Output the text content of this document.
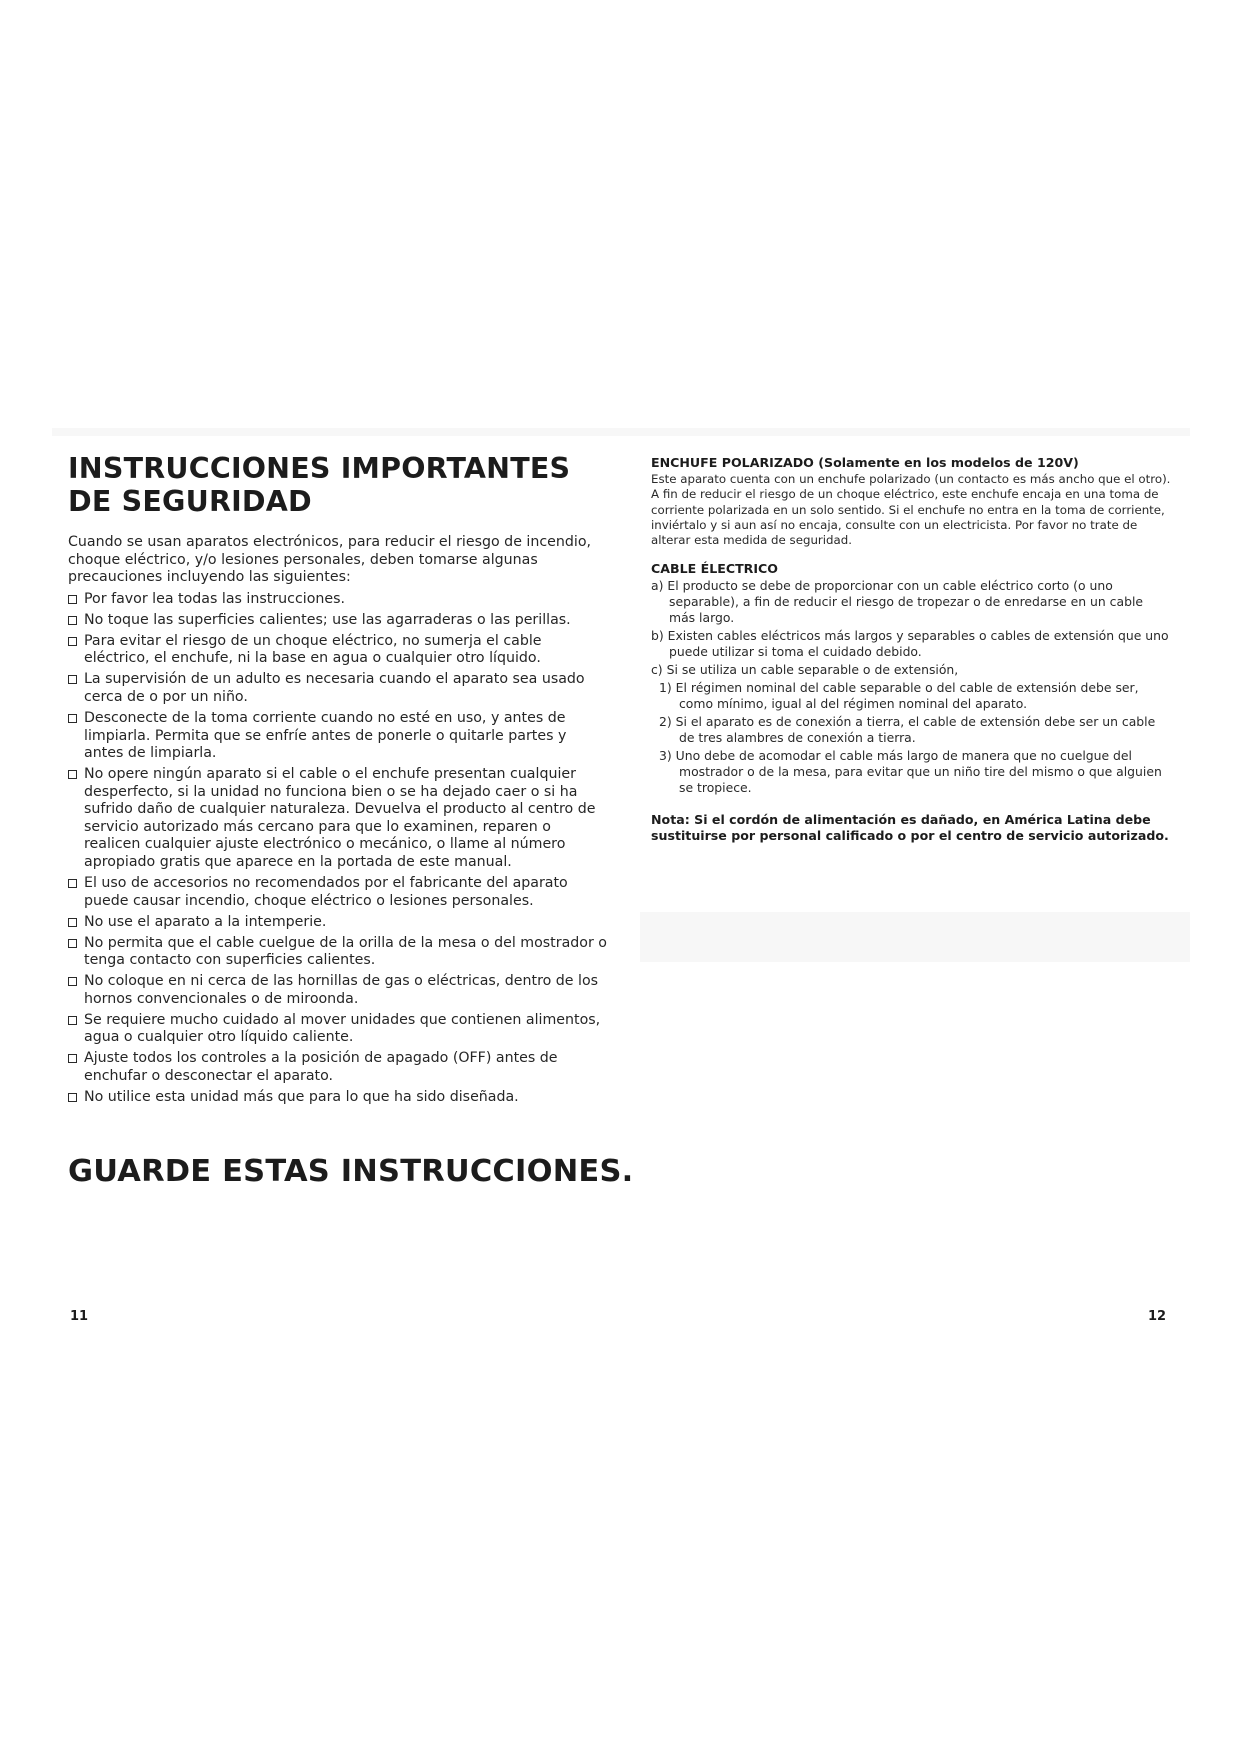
INSTRUCCIONES IMPORTANTES DE SEGURIDAD

Cuando se usan aparatos electrónicos, para reducir el riesgo de incendio, choque eléctrico, y/o lesiones personales, deben tomarse algunas precauciones incluyendo las siguientes:

Por favor lea todas las instrucciones.
No toque las superficies calientes; use las agarraderas o las perillas.
Para evitar el riesgo de un choque eléctrico, no sumerja el cable eléctrico, el enchufe, ni la base en agua o cualquier otro líquido.
La supervisión de un adulto es necesaria cuando el aparato sea usado cerca de o por un niño.
Desconecte de la toma corriente cuando no esté en uso, y antes de limpiarla. Permita que se enfríe antes de ponerle o quitarle partes y antes de limpiarla.
No opere ningún aparato si el cable o el enchufe presentan cualquier desperfecto, si la unidad no funciona bien o se ha dejado caer o si ha sufrido daño de cualquier naturaleza. Devuelva el producto al centro de servicio autorizado más cercano para que lo examinen, reparen o realicen cualquier ajuste electrónico o mecánico, o llame al número apropiado gratis que aparece en la portada de este manual.
El uso de accesorios no recomendados por el fabricante del aparato puede causar incendio, choque eléctrico o lesiones personales.
No use el aparato a la intemperie.
No permita que el cable cuelgue de la orilla de la mesa o del mostrador o tenga contacto con superficies calientes.
No coloque en ni cerca de las hornillas de gas o eléctricas, dentro de los hornos convencionales o de miroonda.
Se requiere mucho cuidado al mover unidades que contienen alimentos, agua o cualquier otro líquido caliente.
Ajuste todos los controles a la posición de apagado (OFF) antes de enchufar o desconectar el aparato.
No utilice esta unidad más que para lo que ha sido diseñada.
GUARDE ESTAS INSTRUCCIONES.
11
ENCHUFE POLARIZADO (Solamente en los modelos de 120V)

Este aparato cuenta con un enchufe polarizado (un contacto es más ancho que el otro). A fin de reducir el riesgo de un choque eléctrico, este enchufe encaja en una toma de corriente polarizada en un solo sentido. Si el enchufe no entra en la toma de corriente, inviértalo y si aun así no encaja, consulte con un electricista. Por favor no trate de alterar esta medida de seguridad.

CABLE ÉLECTRICO

a) El producto se debe de proporcionar con un cable eléctrico corto (o uno separable), a fin de reducir el riesgo de tropezar o de enredarse en un cable más largo.

b) Existen cables eléctricos más largos y separables o cables de extensión que uno puede utilizar si toma el cuidado debido.

c) Si se utiliza un cable separable o de extensión,

1) El régimen nominal del cable separable o del cable de extensión debe ser, como mínimo, igual al del régimen nominal del aparato.

2) Si el aparato es de conexión a tierra, el cable de extensión debe ser un cable de tres alambres de conexión a tierra.

3) Uno debe de acomodar el cable más largo de manera que no cuelgue del mostrador o de la mesa, para evitar que un niño tire del mismo o que alguien se tropiece.

Nota: Si el cordón de alimentación es dañado, en América Latina debe sustituirse por personal calificado o por el centro de servicio autorizado.

12
